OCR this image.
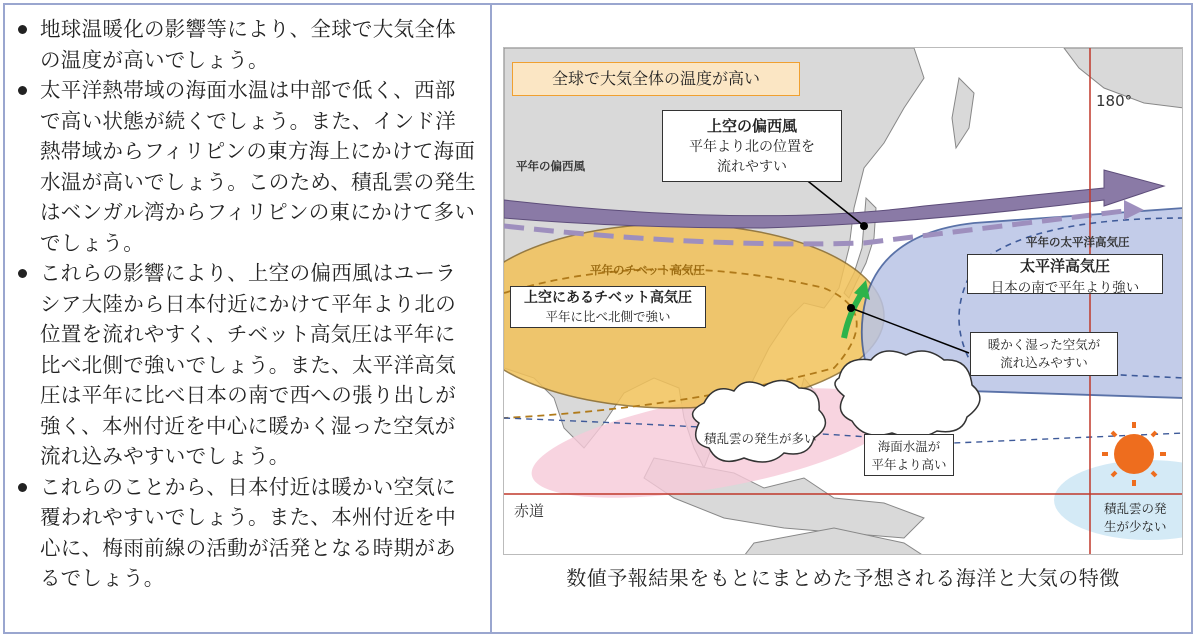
地球温暖化の影響等により、全球で大気全体の温度が高いでしょう。
太平洋熱帯域の海面水温は中部で低く、西部で高い状態が続くでしょう。また、インド洋熱帯域からフィリピンの東方海上にかけて海面水温が高いでしょう。このため、積乱雲の発生はベンガル湾からフィリピンの東にかけて多いでしょう。
これらの影響により、上空の偏西風はユーラシア大陸から日本付近にかけて平年より北の位置を流れやすく、チベット高気圧は平年に比べ北側で強いでしょう。また、太平洋高気圧は平年に比べ日本の南で西への張り出しが強く、本州付近を中心に暖かく湿った空気が流れ込みやすいでしょう。
これらのことから、日本付近は暖かい空気に覆われやすいでしょう。また、本州付近を中心に、梅雨前線の活動が活発となる時期があるでしょう。
全球で大気全体の温度が高い
180°
上空の偏西風
平年より北の位置を
流れやすい
平年の偏西風
平年のチベット高気圧
平年の太平洋高気圧
太平洋高気圧
日本の南で平年より強い
上空にあるチベット高気圧
平年に比べ北側で強い
暖かく湿った空気が
流れ込みやすい
積乱雲の発生が多い
海面水温が
平年より高い
積乱雲の発
生が少ない
赤道
数値予報結果をもとにまとめた予想される海洋と大気の特徴
